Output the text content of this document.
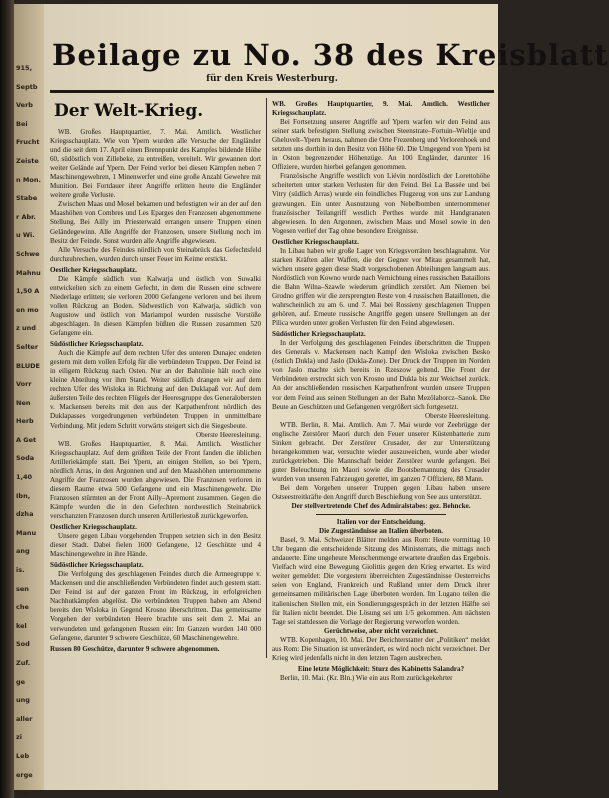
915,
Septb
Verb
Bei
Frucht
Zeiste
n Mon.
Stabe
r Abr.
u Wi.
Schwe
Mahnu
1,50 A
en mo
z und
Selter
BLUDE
Vorr
Nen
Herb
A Get
Soda
1,40
Ibn,
dzha
Manu
ang
is.
sen
che
kel
Sod
Zuf.
ge
ung
aller
zi
Leb
erge
Mai
Beilage zu No. 38 des Kreisblatt
für den Kreis Westerburg.
Der Welt-Krieg.

WB. Großes Hauptquartier, 7. Mai. Amtlich. Westlicher Kriegsschauplatz. Wie von Ypern wurden alle Versuche der Engländer und die seit dem 17. April einen Brennpunkt des Kampfes bildende Höhe 60, südöstlich von Zillebeke, zu entreißen, vereitelt. Wir gewannen dort weiter Gelände auf Ypern. Der Feind verlor bei diesen Kämpfen neben 7 Maschinengewehren, 1 Minenwerfer und eine große Anzahl Gewehre mit Munition. Bei Fortdauer ihrer Angriffe erlitten heute die Engländer weitere große Verluste.

Zwischen Maas und Mosel bekamen und befestigten wir an der auf den Maashöhen von Combres und Les Eparges den Franzosen abgenommene Stellung. Bei Ailly im Priesterwald errangen unsere Truppen einen Geländegewinn. Alle Angriffe der Franzosen, unsere Stellung noch im Besitz der Feinde. Sonst wurden alle Angriffe abgewiesen.

Alle Versuche des Feindes nördlich von Steinabrück das Gefechtsfeld durchzubrechen, wurden durch unser Feuer im Keime erstickt.

Oestlicher Kriegsschauplatz.

Die Kämpfe südlich von Kalwarja und östlich von Suwalki entwickelten sich zu einem Gefecht, in dem die Russen eine schwere Niederlage erlitten; sie verloren 2000 Gefangene verloren und bei ihrem vollen Rückzug an Boden. Südwestlich von Kalwarja, südlich von Augustow und östlich von Mariampol wurden russische Vorstöße abgeschlagen. In diesen Kämpfen büßten die Russen zusammen 520 Gefangene ein.

Südöstlicher Kriegsschauplatz.

Auch die Kämpfe auf dem rechten Ufer des unteren Dunajec endeten gestern mit dem vollen Erfolg für die verbündeten Truppen. Der Feind ist in eiligem Rückzug nach Osten. Nur an der Bahnlinie hält noch eine kleine Abteilung vor ihm Stand. Weiter südlich drangen wir auf dem rechten Ufer des Wisloka in Richtung auf den Duklapaß vor. Auf dem äußersten Teile des rechten Flügels der Heeresgruppe des Generalobersten v. Mackensen bereits mit den aus der Karpathenfront nördlich des Duklapasses vorgedrungenen verbündeten Truppen in unmittelbare Verbindung. Mit jedem Schritt vorwärts steigert sich die Siegesbeute.

Oberste Heeresleitung.

WB. Großes Hauptquartier, 8. Mai. Amtlich. Westlicher Kriegsschauplatz. Auf dem größten Teile der Front fanden die üblichen Artilleriekämpfe statt. Bei Ypern, an einigen Stellen, so bei Ypern, nördlich Arras, in den Argonnen und auf den Maashöhen unternommene Angriffe der Franzosen wurden abgewiesen. Die Franzosen verloren in diesem Raume etwa 500 Gefangene und ein Maschinengewehr. Die Franzosen stürmten an der Front Ailly–Apremont zusammen. Gegen die Kämpfe wurden die in den Gefechten nordwestlich Steinabrück verschanzten Franzosen durch unseren Artilleriestoß zurückgeworfen.

Oestlicher Kriegsschauplatz.

Unsere gegen Libau vorgehenden Truppen setzten sich in den Besitz dieser Stadt. Dabei fielen 1600 Gefangene, 12 Geschütze und 4 Maschinengewehre in ihre Hände.

Südöstlicher Kriegsschauplatz.

Die Verfolgung des geschlagenen Feindes durch die Armeegruppe v. Mackensen und die anschließenden Verbündeten findet auch gestern statt. Der Feind ist auf der ganzen Front im Rückzug, in erfolgreichen Nachhutkämpfen abgelöst. Die verbündeten Truppen haben am Abend bereits den Wisloka in Gegend Krosno überschritten. Das gemeinsame Vorgehen der verbündeten Heere brachte uns seit dem 2. Mai an verwundeten und gefangenen Russen ein: Im Ganzen wurden 140 000 Gefangene, darunter 9 schwere Geschütze, 60 Maschinengewehre.

Russen 80 Geschütze, darunter 9 schwere abgenommen.

WB. Großes Hauptquartier, 9. Mai. Amtlich. Westlicher Kriegsschauplatz.

Bei Fortsetzung unserer Angriffe auf Ypern warfen wir den Feind aus seiner stark befestigten Stellung zwischen Steenstrate–Fortuin–Wieltje und Gheluvelt–Ypern heraus, nahmen die Orte Frezenberg und Verlorenhoek und setzten uns dorthin in den Besitz von Höhe 60. Die Umgegend von Ypern ist in Oston begrenzender Höhenzüge. An 100 Engländer, darunter 16 Offiziere, wurden hierbei gefangen genommen.

Französische Angriffe westlich von Liévin nordöstlich der Lorettohöhe scheiterten unter starken Verlusten für den Feind. Bei La Bassée und bei Vitry (südlich Arras) wurde ein feindliches Flugzeug von uns zur Landung gezwungen. Ein unter Ausnutzung von Nebelbomben unternommener französischer Teilangriff westlich Perthes wurde mit Handgranaten abgewiesen. In den Argonnen, zwischen Maas und Mosel sowie in den Vogesen verlief der Tag ohne besondere Ereignisse.

Oestlicher Kriegsschauplatz.

In Libau haben wir große Lager von Kriegsvorräten beschlagnahmt. Vor starken Kräften aller Waffen, die der Gegner vor Mitau gesammelt hat, wichen unsere gegen diese Stadt vorgeschobenen Abteilungen langsam aus. Nordöstlich von Kowno wurde nach Vernichtung eines russischen Bataillons die Bahn Wilna–Szawle wiederum gründlich zerstört. Am Niemen bei Grodno griffen wir die zersprengten Reste von 4 russischen Bataillonen, die wahrscheinlich zu am 6. und 7. Mai bei Rossieny geschlagenen Truppen gehören, auf. Erneute russische Angriffe gegen unsere Stellungen an der Pilica wurden unter großen Verlusten für den Feind abgewiesen.

Südöstlicher Kriegsschauplatz.

In der Verfolgung des geschlagenen Feindes überschritten die Truppen des Generals v. Mackensen nach Kampf den Wisloka zwischen Besko (östlich Dukla) und Jaslo (Dukla-Zone). Der Druck der Truppen im Norden von Jaslo machte sich bereits in Rzeszow geltend. Die Front der Verbündeten erstreckt sich von Krosno und Dukla bis zur Weichsel zurück. An der anschließenden russischen Karpathenfront wurden unsere Truppen vor dem Feind aus seinen Stellungen an der Bahn Mezölaborcz–Sanok. Die Beute an Geschützen und Gefangenen vergrößert sich fortgesetzt.

Oberste Heeresleitung.

WTB. Berlin, 8. Mai. Amtlich. Am 7. Mai wurde vor Zeebrügge der englische Zerstörer Maori durch den Feuer unserer Küstenbatterie zum Sinken gebracht. Der Zerstörer Crusader, der zur Unterstützung herangekommen war, versuchte wieder auszuweichen, wurde aber wieder zurückgetrieben. Die Mannschaft beider Zerstörer wurde gefangen. Bei guter Beleuchtung im Maori sowie die Bootsbemannung des Crusader wurden von unseren Fahrzeugen gerettet, im ganzen 7 Offiziere, 88 Mann.

Bei dem Vorgehen unserer Truppen gegen Libau haben unsere Ostseestreitkräfte den Angriff durch Beschießung von See aus unterstützt.

Der stellvertretende Chef des Admiralstabes: gez. Behncke.

Italien vor der Entscheidung.

Die Zugeständnisse an Italien überboten.

Basel, 9. Mai. Schweizer Blätter melden aus Rom: Heute vormittag 10 Uhr begann die entscheidende Sitzung des Ministerrats, die mittags noch andauerte. Eine ungeheure Menschenmenge erwartete draußen das Ergebnis. Vielfach wird eine Bewegung Giolittis gegen den Krieg erwartet. Es wird weiter gemeldet: Die vorgestern überreichten Zugeständnisse Oesterreichs seien von England, Frankreich und Rußland unter dem Druck ihrer gemeinsamen militärischen Lage überboten worden. Im Lugano teilen die italienischen Stellen mit, ein Sondierungsgespräch in der letzten Hälfte sei für Italien nicht beendet. Die Lösung sei um 1/5 gekommen. Am nächsten Tage sei stattdessen die Vorlage der Regierung verworfen worden.

Gerüchtweise, aber nicht verzeichnet.

WTB. Kopenhagen, 10. Mai. Der Berichterstatter der „Politiken“ meldet aus Rom: Die Situation ist unverändert, es wird noch nicht verzeichnet. Der Krieg wird jedenfalls nicht in den letzten Tagen ausbrechen.

Eine letzte Möglichkeit: Sturz des Kabinetts Salandra?

Berlin, 10. Mai. (Kr. Bln.) Wie ein aus Rom zurückgekehrter
